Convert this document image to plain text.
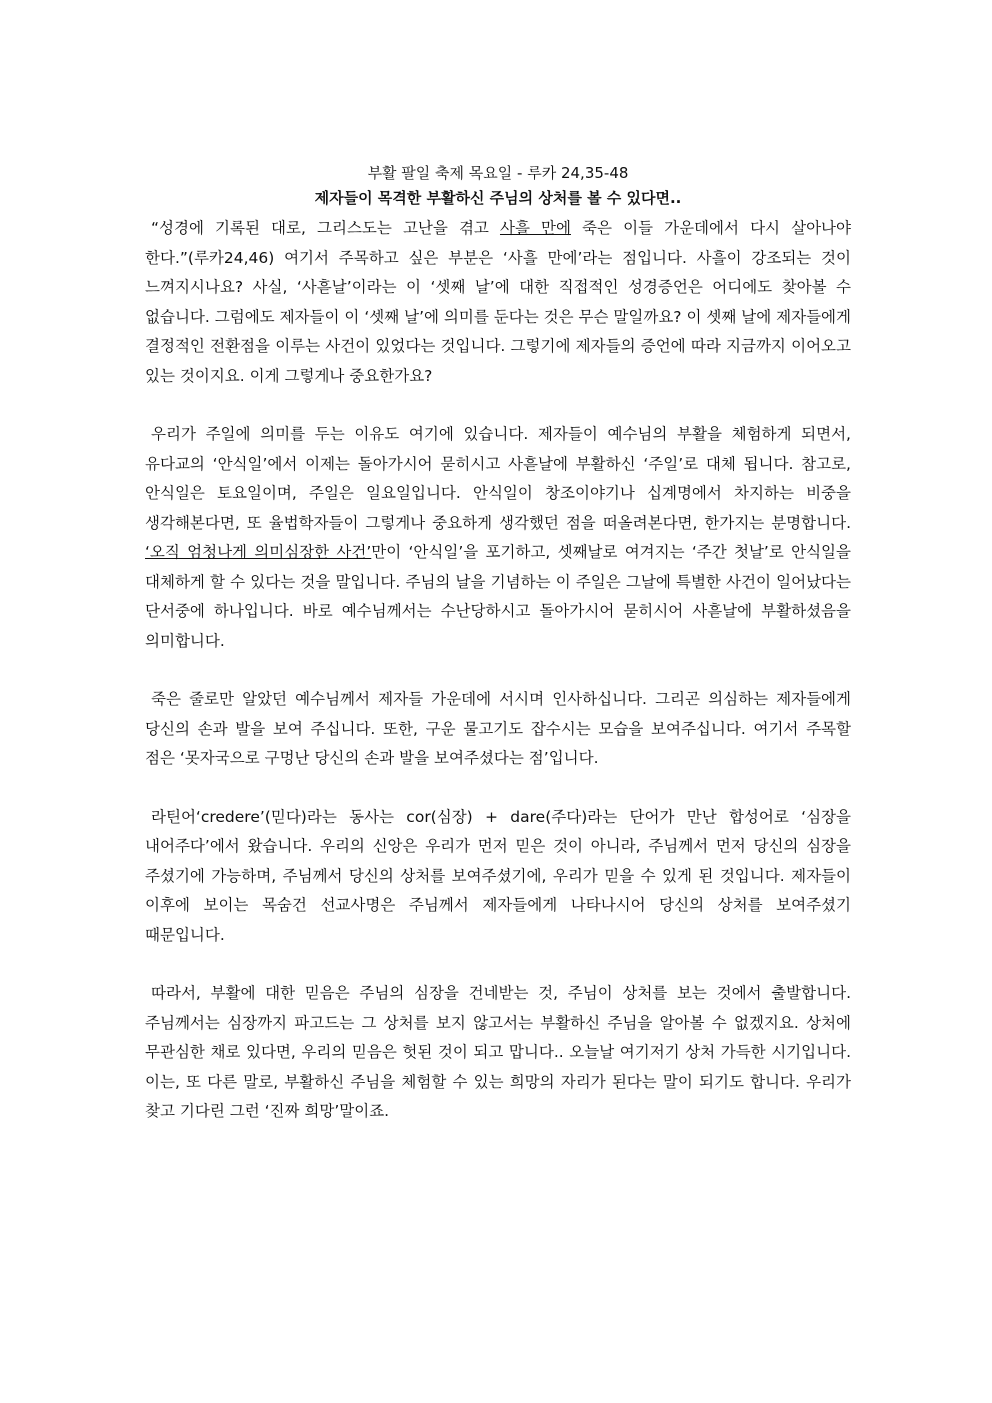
부활 팔일 축제 목요일 - 루카 24,35-48

제자들이 목격한 부활하신 주님의 상처를 볼 수 있다면..

“성경에 기록된 대로, 그리스도는 고난을 겪고 사흘 만에 죽은 이들 가운데에서 다시 살아나야 한다.”(루카24,46) 여기서 주목하고 싶은 부분은 ‘사흘 만에’라는 점입니다. 사흘이 강조되는 것이 느껴지시나요? 사실, ‘사흗날’이라는 이 ‘셋째 날’에 대한 직접적인 성경증언은 어디에도 찾아볼 수 없습니다. 그럼에도 제자들이 이 ‘셋째 날’에 의미를 둔다는 것은 무슨 말일까요? 이 셋째 날에 제자들에게 결정적인 전환점을 이루는 사건이 있었다는 것입니다. 그렇기에 제자들의 증언에 따라 지금까지 이어오고 있는 것이지요. 이게 그렇게나 중요한가요?

우리가 주일에 의미를 두는 이유도 여기에 있습니다. 제자들이 예수님의 부활을 체험하게 되면서, 유다교의 ‘안식일’에서 이제는 돌아가시어 묻히시고 사흗날에 부활하신 ‘주일’로 대체 됩니다. 참고로, 안식일은 토요일이며, 주일은 일요일입니다. 안식일이 창조이야기나 십계명에서 차지하는 비중을 생각해본다면, 또 율법학자들이 그렇게나 중요하게 생각했던 점을 떠올려본다면, 한가지는 분명합니다. ‘오직 엄청나게 의미심장한 사건’만이 ‘안식일’을 포기하고, 셋째날로 여겨지는 ‘주간 첫날’로 안식일을 대체하게 할 수 있다는 것을 말입니다. 주님의 날을 기념하는 이 주일은 그날에 특별한 사건이 일어났다는 단서중에 하나입니다. 바로 예수님께서는 수난당하시고 돌아가시어 묻히시어 사흗날에 부활하셨음을 의미합니다.

죽은 줄로만 알았던 예수님께서 제자들 가운데에 서시며 인사하십니다. 그리곤 의심하는 제자들에게 당신의 손과 발을 보여 주십니다. 또한, 구운 물고기도 잡수시는 모습을 보여주십니다. 여기서 주목할 점은 ‘못자국으로 구멍난 당신의 손과 발을 보여주셨다는 점’입니다.

라틴어‘credere’(믿다)라는 동사는 cor(심장) + dare(주다)라는 단어가 만난 합성어로 ‘심장을 내어주다’에서 왔습니다. 우리의 신앙은 우리가 먼저 믿은 것이 아니라, 주님께서 먼저 당신의 심장을 주셨기에 가능하며, 주님께서 당신의 상처를 보여주셨기에, 우리가 믿을 수 있게 된 것입니다. 제자들이 이후에 보이는 목숨건 선교사명은 주님께서 제자들에게 나타나시어 당신의 상처를 보여주셨기 때문입니다.

따라서, 부활에 대한 믿음은 주님의 심장을 건네받는 것, 주님이 상처를 보는 것에서 출발합니다. 주님께서는 심장까지 파고드는 그 상처를 보지 않고서는 부활하신 주님을 알아볼 수 없겠지요. 상처에 무관심한 채로 있다면, 우리의 믿음은 헛된 것이 되고 맙니다.. 오늘날 여기저기 상처 가득한 시기입니다. 이는, 또 다른 말로, 부활하신 주님을 체험할 수 있는 희망의 자리가 된다는 말이 되기도 합니다. 우리가 찾고 기다린 그런 ‘진짜 희망’말이죠.
